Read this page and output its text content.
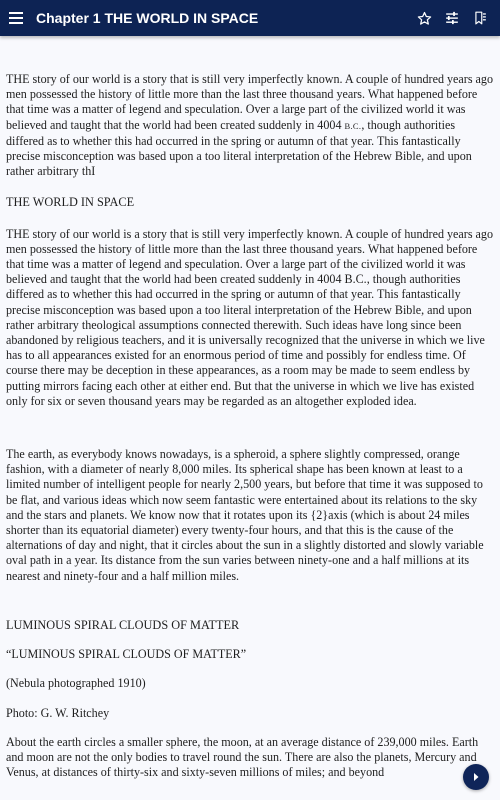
Chapter 1 THE WORLD IN SPACE

THE story of our world is a story that is still very imperfectly known. A couple of hundred years ago men possessed the history of little more than the last three thousand years. What happened before that time was a matter of legend and speculation. Over a large part of the civilized world it was believed and taught that the world had been created suddenly in 4004 B.C., though authorities differed as to whether this had occurred in the spring or autumn of that year. This fantastically precise misconception was based upon a too literal interpretation of the Hebrew Bible, and upon rather arbitrary thI

THE WORLD IN SPACE

THE story of our world is a story that is still very imperfectly known. A couple of hundred years ago men possessed the history of little more than the last three thousand years. What happened before that time was a matter of legend and speculation. Over a large part of the civilized world it was believed and taught that the world had been created suddenly in 4004 B.C., though authorities differed as to whether this had occurred in the spring or autumn of that year. This fantastically precise misconception was based upon a too literal interpretation of the Hebrew Bible, and upon rather arbitrary theological assumptions connected therewith. Such ideas have long since been abandoned by religious teachers, and it is universally recognized that the universe in which we live has to all appearances existed for an enormous period of time and possibly for endless time. Of course there may be deception in these appearances, as a room may be made to seem endless by putting mirrors facing each other at either end. But that the universe in which we live has existed only for six or seven thousand years may be regarded as an altogether exploded idea.

The earth, as everybody knows nowadays, is a spheroid, a sphere slightly compressed, orange fashion, with a diameter of nearly 8,000 miles. Its spherical shape has been known at least to a limited number of intelligent people for nearly 2,500 years, but before that time it was supposed to be flat, and various ideas which now seem fantastic were entertained about its relations to the sky and the stars and planets. We know now that it rotates upon its {2}axis (which is about 24 miles shorter than its equatorial diameter) every twenty-four hours, and that this is the cause of the alternations of day and night, that it circles about the sun in a slightly distorted and slowly variable oval path in a year. Its distance from the sun varies between ninety-one and a half millions at its nearest and ninety-four and a half million miles.

LUMINOUS SPIRAL CLOUDS OF MATTER

“LUMINOUS SPIRAL CLOUDS OF MATTER”

(Nebula photographed 1910)

Photo: G. W. Ritchey

About the earth circles a smaller sphere, the moon, at an average distance of 239,000 miles. Earth and moon are not the only bodies to travel round the sun. There are also the planets, Mercury and Venus, at distances of thirty-six and sixty-seven millions of miles; and beyond
